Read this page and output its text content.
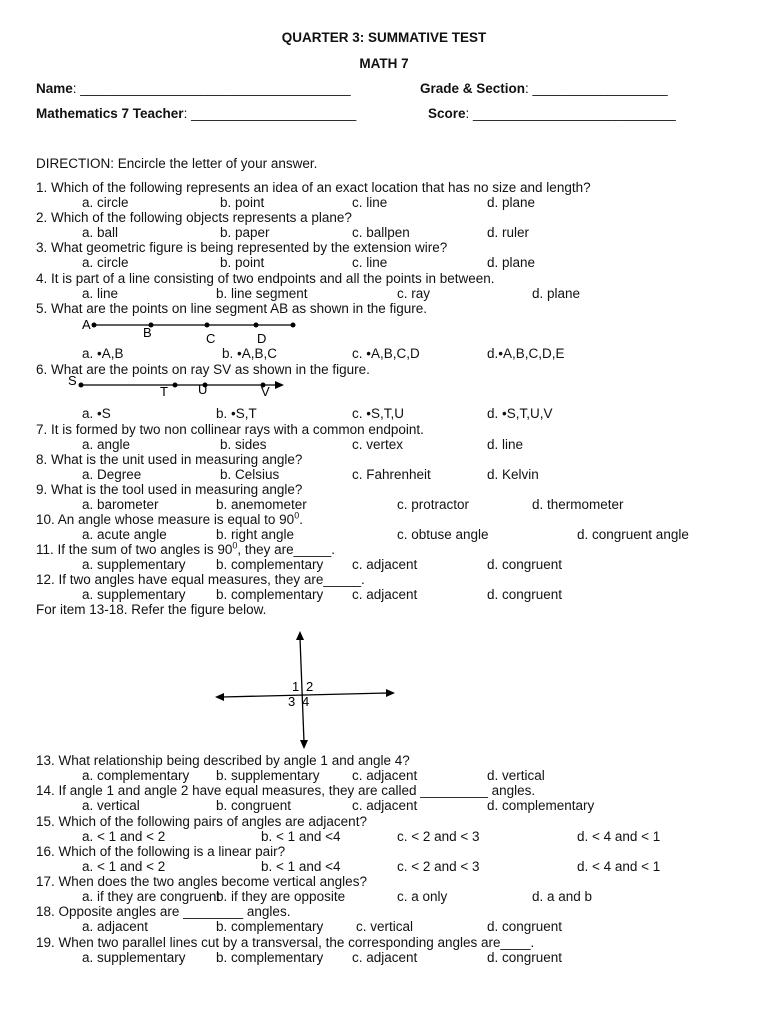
QUARTER 3: SUMMATIVE TEST
MATH 7
Name: ____________________________________	Grade & Section: __________________
Mathematics 7 Teacher: ______________________	Score: ___________________________
DIRECTION: Encircle the letter of your answer.
1. Which of the following represents an idea of an exact location that has no size and length?
a. circle	b. point	c. line	d. plane
2. Which of the following objects represents a plane?
a. ball	b. paper	c. ballpen	d. ruler
3. What geometric figure is being represented by the extension wire?
a. circle	b. point	c. line	d. plane
4. It is part of a line consisting of two endpoints and all the points in between.
a. line	b. line segment	c. ray	d. plane
5. What are the points on line segment AB as shown in the figure.
a. •A,B	b. •A,B,C	c. •A,B,C,D	d.•A,B,C,D,E
6. What are the points on ray SV as shown in the figure.
a. •S	b. •S,T	c. •S,T,U	d. •S,T,U,V
7. It is formed by two non collinear rays with a common endpoint.
a. angle	b. sides	c. vertex	d. line
8. What is the unit used in measuring angle?
a. Degree	b. Celsius	c. Fahrenheit	d. Kelvin
9. What is the tool used in measuring angle?
a. barometer	b. anemometer	c. protractor	d. thermometer
10. An angle whose measure is equal to $90^0$.
a. acute angle	b. right angle	c. obtuse angle	d. congruent angle
11. If the sum of two angles is $90^0$, they are_____.
a. supplementary b. complementary c. adjacent	d. congruent
12. If two angles have equal measures, they are_____.
a. supplementary b. complementary c. adjacent	d. congruent
13. What relationship being described by angle 1 and angle 4?
a. complementary b. supplementary c. adjacent	d. vertical
14. If angle 1 and angle 2 have equal measures, they are called _________ angles.
a. vertical	b. congruent	c. adjacent	d. complementary
15. Which of the following pairs of angles are adjacent?
a. < 1 and < 2	b. < 1 and <4	c. < 2 and < 3	d. < 4 and < 1
16. Which of the following is a linear pair?
a. < 1 and < 2	b. < 1 and <4	c. < 2 and < 3	d. < 4 and < 1
17. When does the two angles become vertical angles?
a. if they are congruent
b. if they are opposite	c. a only	d. a and b
18. Opposite angles are ________ angles.
a. adjacent	b. complementary c. vertical	d. congruent
19. When two parallel lines cut by a transversal, the corresponding angles are____.
a. supplementary b. complementary c. adjacent	d. congruent
For item 13-18. Refer the figure below.
A
B	C	D
S
T U	V
1 2
3 4
